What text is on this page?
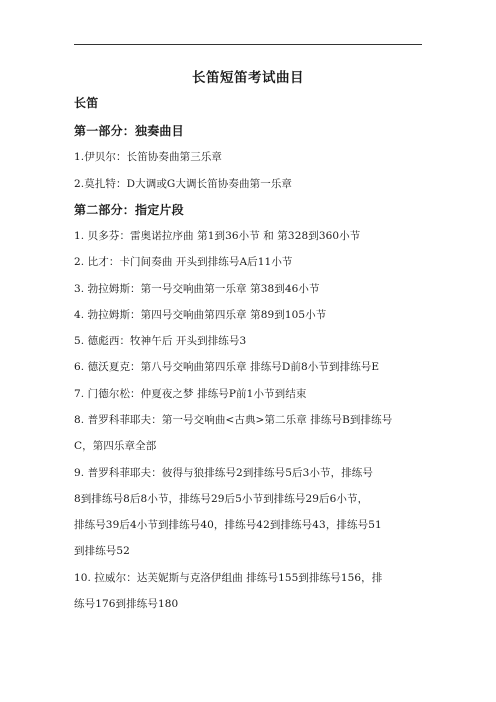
长笛短笛考试曲目
长笛
第一部分：独奏曲目
1.伊贝尔：长笛协奏曲第三乐章
2.莫扎特：D大调或G大调长笛协奏曲第一乐章
第二部分：指定片段
1. 贝多芬：雷奥诺拉序曲 第1到36小节 和 第328到360小节
2. 比才：卡门间奏曲 开头到排练号A后11小节
3. 勃拉姆斯：第一号交响曲第一乐章 第38到46小节
4. 勃拉姆斯：第四号交响曲第四乐章 第89到105小节
5. 德彪西：牧神午后 开头到排练号3
6. 德沃夏克：第八号交响曲第四乐章 排练号D前8小节到排练号E
7. 门德尔松：仲夏夜之梦 排练号P前1小节到结束
8. 普罗科菲耶夫：第一号交响曲<古典>第二乐章 排练号B到排练号
C，第四乐章全部
9. 普罗科菲耶夫：彼得与狼排练号2到排练号5后3小节，排练号
8到排练号8后8小节，排练号29后5小节到排练号29后6小节，
排练号39后4小节到排练号40，排练号42到排练号43，排练号51
到排练号52
10. 拉威尔：达芙妮斯与克洛伊组曲 排练号155到排练号156，排
练号176到排练号180
